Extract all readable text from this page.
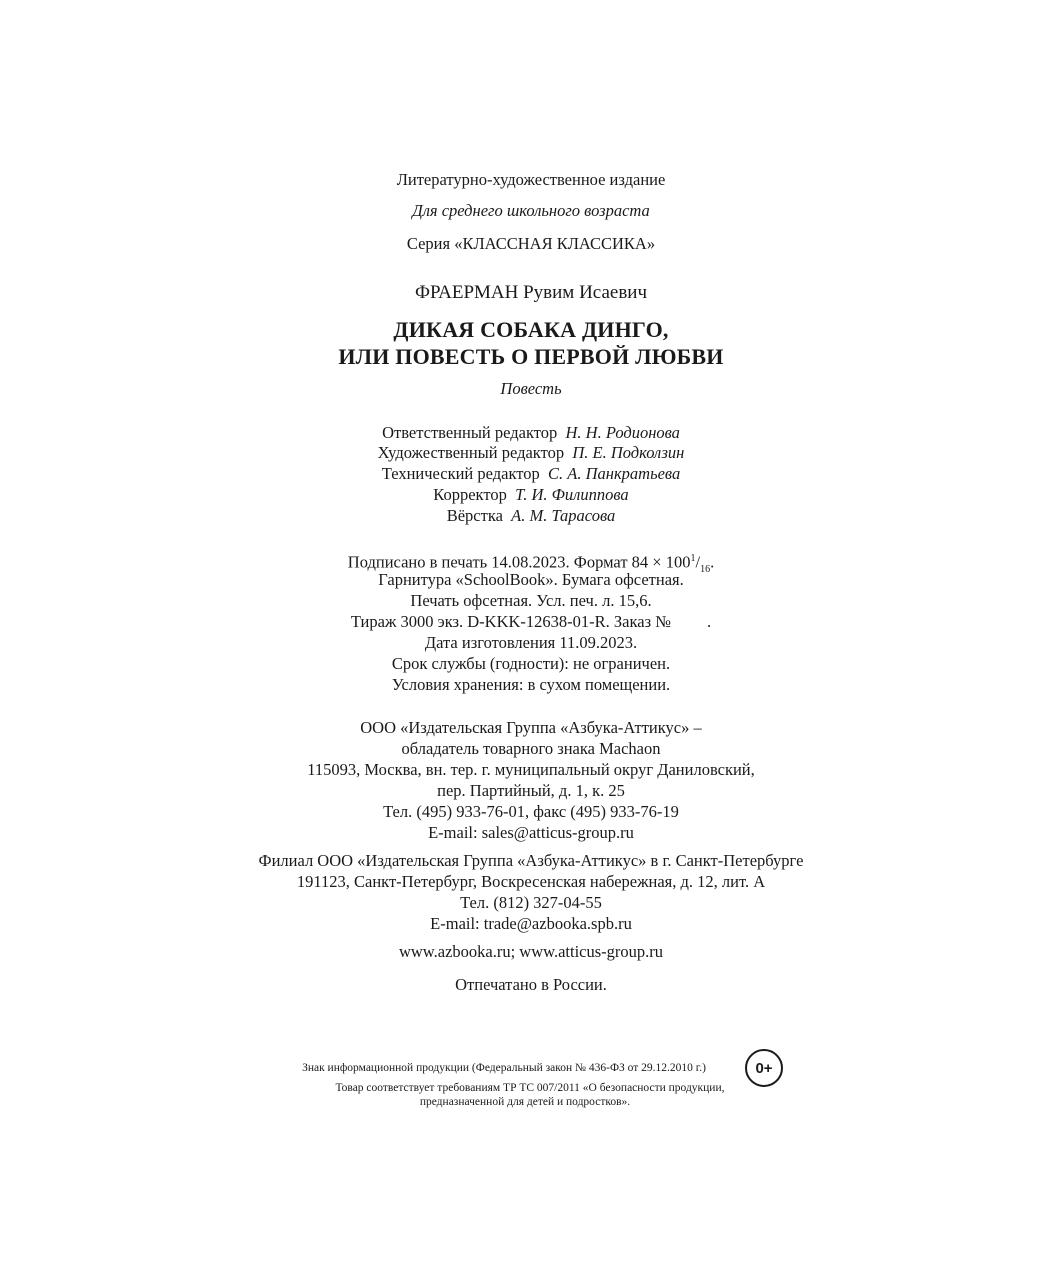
Литературно-художественное издание
Для среднего школьного возраста
Серия «КЛАССНАЯ КЛАССИКА»
ФРАЕРМАН Рувим Исаевич
ДИКАЯ СОБАКА ДИНГО,
ИЛИ ПОВЕСТЬ О ПЕРВОЙ ЛЮБВИ
Повесть
Ответственный редактор Н. Н. Родионова
Художественный редактор П. Е. Подколзин
Технический редактор С. А. Панкратьева
Корректор Т. И. Филиппова
Вёрстка А. М. Тарасова
Подписано в печать 14.08.2023. Формат $84 \times 100^1/_{16}$.
Гарнитура «SchoolBook». Бумага офсетная.
Печать офсетная. Усл. печ. л. 15,6.
Тираж 3000 экз. D-KKK-12638-01-R. Заказ № .
Дата изготовления 11.09.2023.
Срок службы (годности): не ограничен.
Условия хранения: в сухом помещении.
ООО «Издательская Группа «Азбука-Аттикус» –
обладатель товарного знака Machaon
115093, Москва, вн. тер. г. муниципальный округ Даниловский,
пер. Партийный, д. 1, к. 25
Тел. (495) 933-76-01, факс (495) 933-76-19
E-mail: sales@atticus-group.ru
Филиал ООО «Издательская Группа «Азбука-Аттикус» в г. Санкт-Петербурге
191123, Санкт-Петербург, Воскресенская набережная, д. 12, лит. А
Тел. (812) 327-04-55
E-mail: trade@azbooka.spb.ru
www.azbooka.ru; www.atticus-group.ru
Отпечатано в России.
Знак информационной продукции (Федеральный закон № 436-ФЗ от 29.12.2010 г.)	0+
Товар соответствует требованиям ТР ТС 007/2011 «О безопасности продукции,
предназначенной для детей и подростков».
